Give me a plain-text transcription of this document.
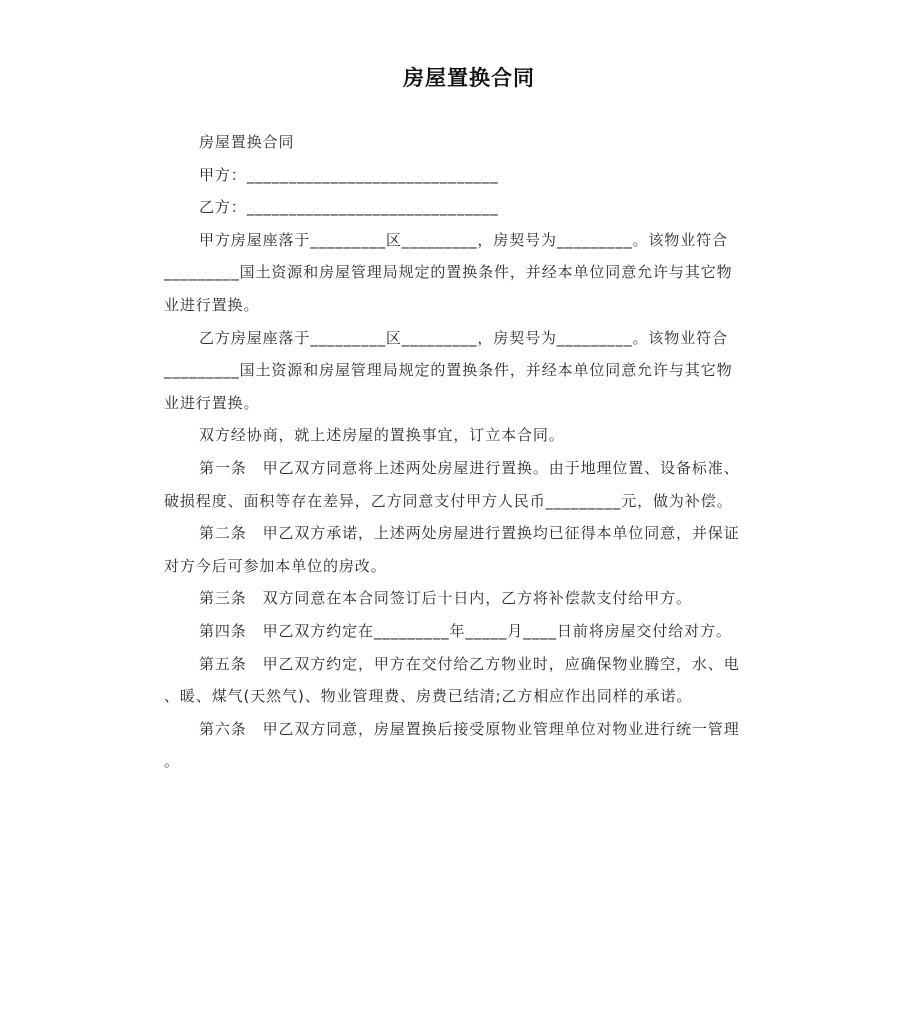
房屋置换合同
房屋置换合同
甲方：______________________________
乙方：______________________________
甲方房屋座落于_________区_________，房契号为_________。该物业符合
_________国土资源和房屋管理局规定的置换条件，并经本单位同意允许与其它物
业进行置换。
乙方房屋座落于_________区_________，房契号为_________。该物业符合
_________国土资源和房屋管理局规定的置换条件，并经本单位同意允许与其它物
业进行置换。
双方经协商，就上述房屋的置换事宜，订立本合同。
第一条　甲乙双方同意将上述两处房屋进行置换。由于地理位置、设备标准、
破损程度、面积等存在差异，乙方同意支付甲方人民币_________元，做为补偿。
第二条　甲乙双方承诺，上述两处房屋进行置换均已征得本单位同意，并保证
对方今后可参加本单位的房改。
第三条　双方同意在本合同签订后十日内，乙方将补偿款支付给甲方。
第四条　甲乙双方约定在_________年_____月____日前将房屋交付给对方。
第五条　甲乙双方约定，甲方在交付给乙方物业时，应确保物业腾空，水、电
、暖、煤气(天然气)、物业管理费、房费已结清;乙方相应作出同样的承诺。
第六条　甲乙双方同意，房屋置换后接受原物业管理单位对物业进行统一管理
。
